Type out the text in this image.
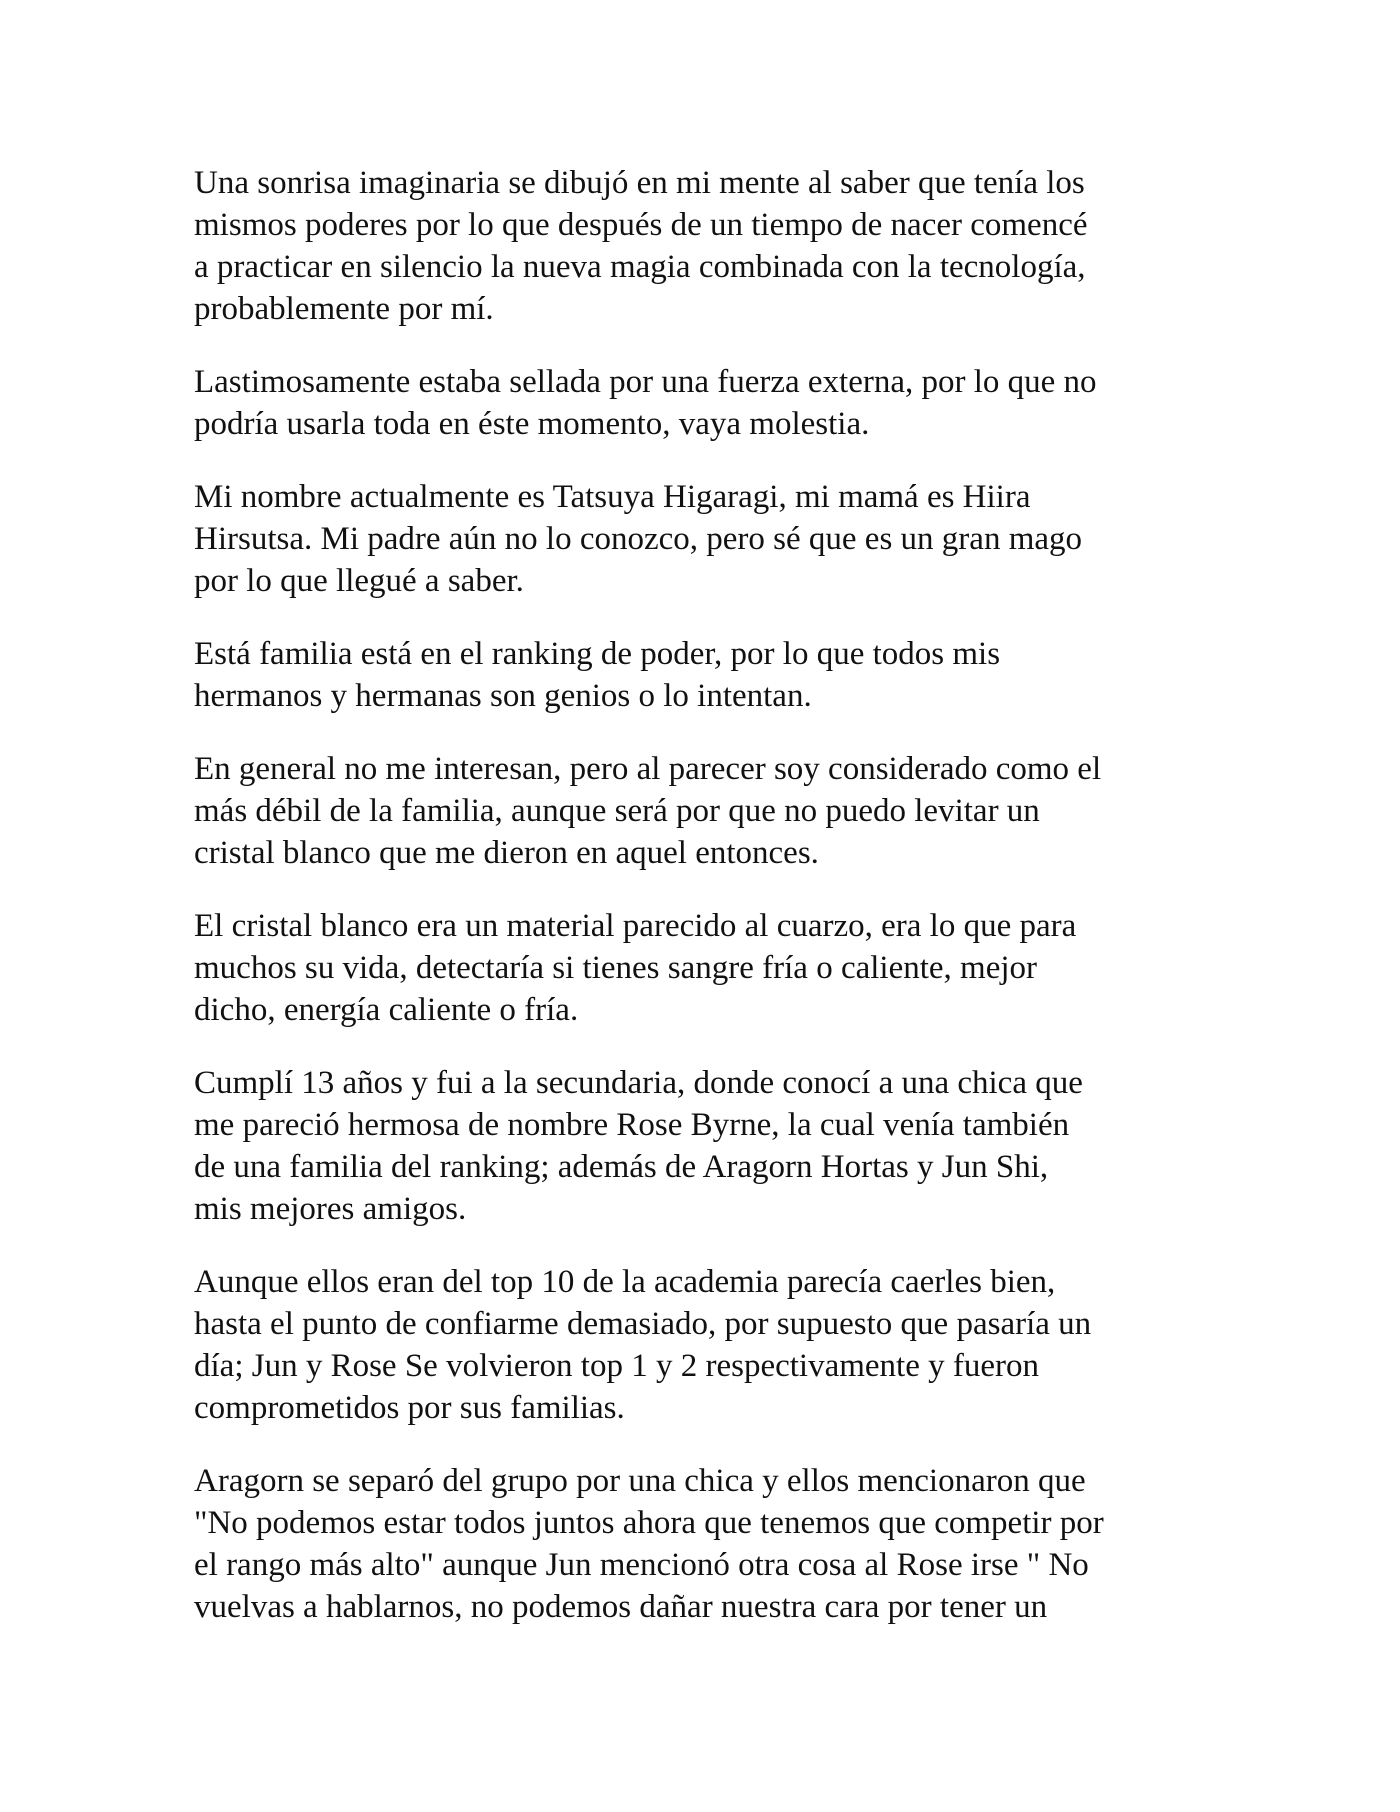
Una sonrisa imaginaria se dibujó en mi mente al saber que tenía los
mismos poderes por lo que después de un tiempo de nacer comencé
a practicar en silencio la nueva magia combinada con la tecnología,
probablemente por mí.

Lastimosamente estaba sellada por una fuerza externa, por lo que no
podría usarla toda en éste momento, vaya molestia.

Mi nombre actualmente es Tatsuya Higaragi, mi mamá es Hiira
Hirsutsa. Mi padre aún no lo conozco, pero sé que es un gran mago
por lo que llegué a saber.

Está familia está en el ranking de poder, por lo que todos mis
hermanos y hermanas son genios o lo intentan.

En general no me interesan, pero al parecer soy considerado como el
más débil de la familia, aunque será por que no puedo levitar un
cristal blanco que me dieron en aquel entonces.

El cristal blanco era un material parecido al cuarzo, era lo que para
muchos su vida, detectaría si tienes sangre fría o caliente, mejor
dicho, energía caliente o fría.

Cumplí 13 años y fui a la secundaria, donde conocí a una chica que
me pareció hermosa de nombre Rose Byrne, la cual venía también
de una familia del ranking; además de Aragorn Hortas y Jun Shi,
mis mejores amigos.

Aunque ellos eran del top 10 de la academia parecía caerles bien,
hasta el punto de confiarme demasiado, por supuesto que pasaría un
día; Jun y Rose Se volvieron top 1 y 2 respectivamente y fueron
comprometidos por sus familias.

Aragorn se separó del grupo por una chica y ellos mencionaron que
"No podemos estar todos juntos ahora que tenemos que competir por
el rango más alto" aunque Jun mencionó otra cosa al Rose irse " No
vuelvas a hablarnos, no podemos dañar nuestra cara por tener un
